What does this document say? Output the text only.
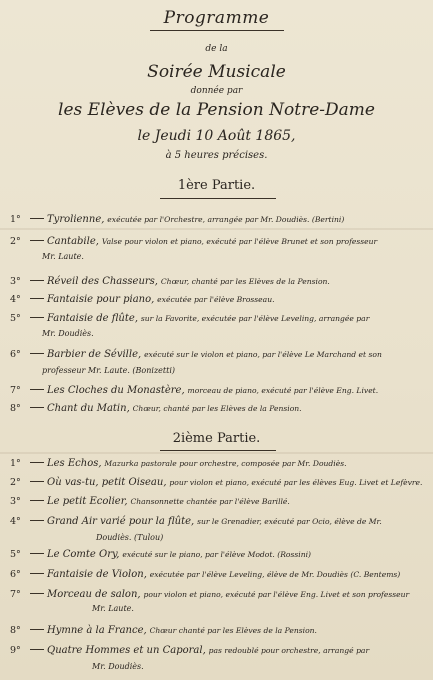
Programme
de la
Soirée Musicale
donnée par
les Elèves de la Pension Notre-Dame
le Jeudi 10 Août 1865,
à 5 heures précises.
1ère Partie.
1°	Tyrolienne, exécutée par l'Orchestre, arrangée par Mr. Doudiès. (Bertini)
2°	Cantabile, Valse pour violon et piano, exécuté par l'élève Brunet et son professeur
Mr. Laute.
3°	Réveil des Chasseurs, Chœur, chanté par les Elèves de la Pension.
4°	Fantaisie pour piano, exécutée par l'élève Brosseau.
5°	Fantaisie de flûte, sur la Favorite, exécutée par l'élève Leveling, arrangée par
Mr. Doudiès.
6°	Barbier de Séville, exécuté sur le violon et piano, par l'élève Le Marchand et son
professeur Mr. Laute. (Bonizetti)
7°	Les Cloches du Monastère, morceau de piano, exécuté par l'élève Eng. Livet.
8°	Chant du Matin, Chœur, chanté par les Elèves de la Pension.
2ième Partie.
1°	Les Echos, Mazurka pastorale pour orchestre, composée par Mr. Doudiès.
2°	Où vas-tu, petit Oiseau, pour violon et piano, exécuté par les élèves Eug. Livet et Lefèvre.
3°	Le petit Ecolier, Chansonnette chantée par l'élève Barillé.
4°	Grand Air varié pour la flûte, sur le Grenadier, exécuté par Ocio, élève de Mr.
Doudiès. (Tulou)
5°	Le Comte Ory, exécuté sur le piano, par l'élève Modot. (Rossini)
6°	Fantaisie de Violon, exécutée par l'élève Leveling, élève de Mr. Doudiès (C. Bentems)
7°	Morceau de salon, pour violon et piano, exécuté par l'élève Eng. Livet et son professeur
Mr. Laute.
8°	Hymne à la France, Chœur chanté par les Elèves de la Pension.
9°	Quatre Hommes et un Caporal, pas redoublé pour orchestre, arrangé par
Mr. Doudiès.
